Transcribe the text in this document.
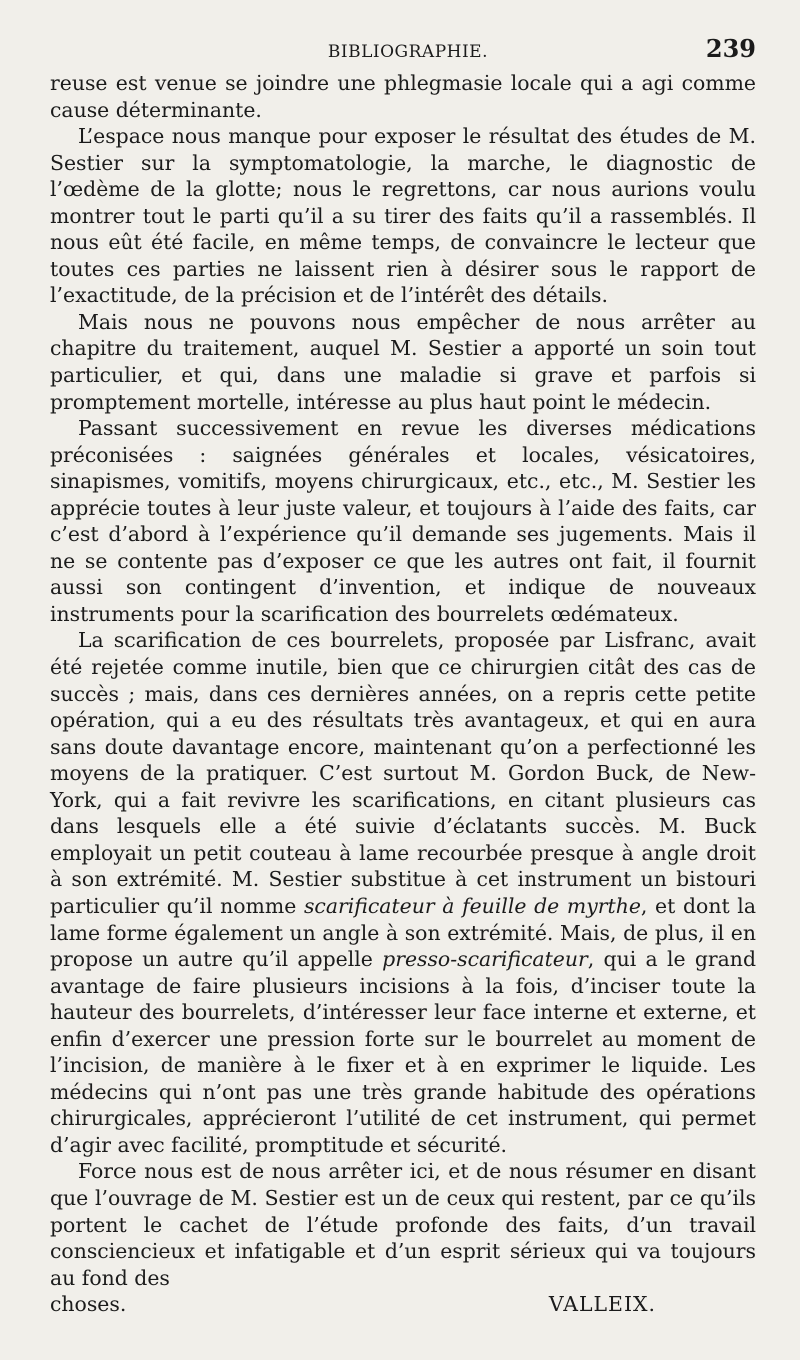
BIBLIOGRAPHIE.	239

reuse est venue se joindre une phlegmasie locale qui a agi comme cause déterminante.

L’espace nous manque pour exposer le résultat des études de M. Sestier sur la symptomatologie, la marche, le diagnostic de l’œdème de la glotte; nous le regrettons, car nous aurions voulu montrer tout le parti qu’il a su tirer des faits qu’il a rassemblés. Il nous eût été facile, en même temps, de convaincre le lecteur que toutes ces parties ne laissent rien à désirer sous le rapport de l’exactitude, de la précision et de l’intérêt des détails.

Mais nous ne pouvons nous empêcher de nous arrêter au chapitre du traitement, auquel M. Sestier a apporté un soin tout particulier, et qui, dans une maladie si grave et parfois si promptement mortelle, intéresse au plus haut point le médecin.

Passant successivement en revue les diverses médications préconisées : saignées générales et locales, vésicatoires, sinapismes, vomitifs, moyens chirurgicaux, etc., etc., M. Sestier les apprécie toutes à leur juste valeur, et toujours à l’aide des faits, car c’est d’abord à l’expérience qu’il demande ses jugements. Mais il ne se contente pas d’exposer ce que les autres ont fait, il fournit aussi son contingent d’invention, et indique de nouveaux instruments pour la scarification des bourrelets œdémateux.

La scarification de ces bourrelets, proposée par Lisfranc, avait été rejetée comme inutile, bien que ce chirurgien citât des cas de succès ; mais, dans ces dernières années, on a repris cette petite opération, qui a eu des résultats très avantageux, et qui en aura sans doute davantage encore, maintenant qu’on a perfectionné les moyens de la pratiquer. C’est surtout M. Gordon Buck, de New-York, qui a fait revivre les scarifications, en citant plusieurs cas dans lesquels elle a été suivie d’éclatants succès. M. Buck employait un petit couteau à lame recourbée presque à angle droit à son extrémité. M. Sestier substitue à cet instrument un bistouri particulier qu’il nomme scarificateur à feuille de myrthe, et dont la lame forme également un angle à son extrémité. Mais, de plus, il en propose un autre qu’il appelle presso-scarificateur, qui a le grand avantage de faire plusieurs incisions à la fois, d’inciser toute la hauteur des bourrelets, d’intéresser leur face interne et externe, et enfin d’exercer une pression forte sur le bourrelet au moment de l’incision, de manière à le fixer et à en exprimer le liquide. Les médecins qui n’ont pas une très grande habitude des opérations chirurgicales, apprécieront l’utilité de cet instrument, qui permet d’agir avec facilité, promptitude et sécurité.

Force nous est de nous arrêter ici, et de nous résumer en disant que l’ouvrage de M. Sestier est un de ceux qui restent, par ce qu’ils portent le cachet de l’étude profonde des faits, d’un travail consciencieux et infatigable et d’un esprit sérieux qui va toujours au fond des

choses.	VALLEIX.
